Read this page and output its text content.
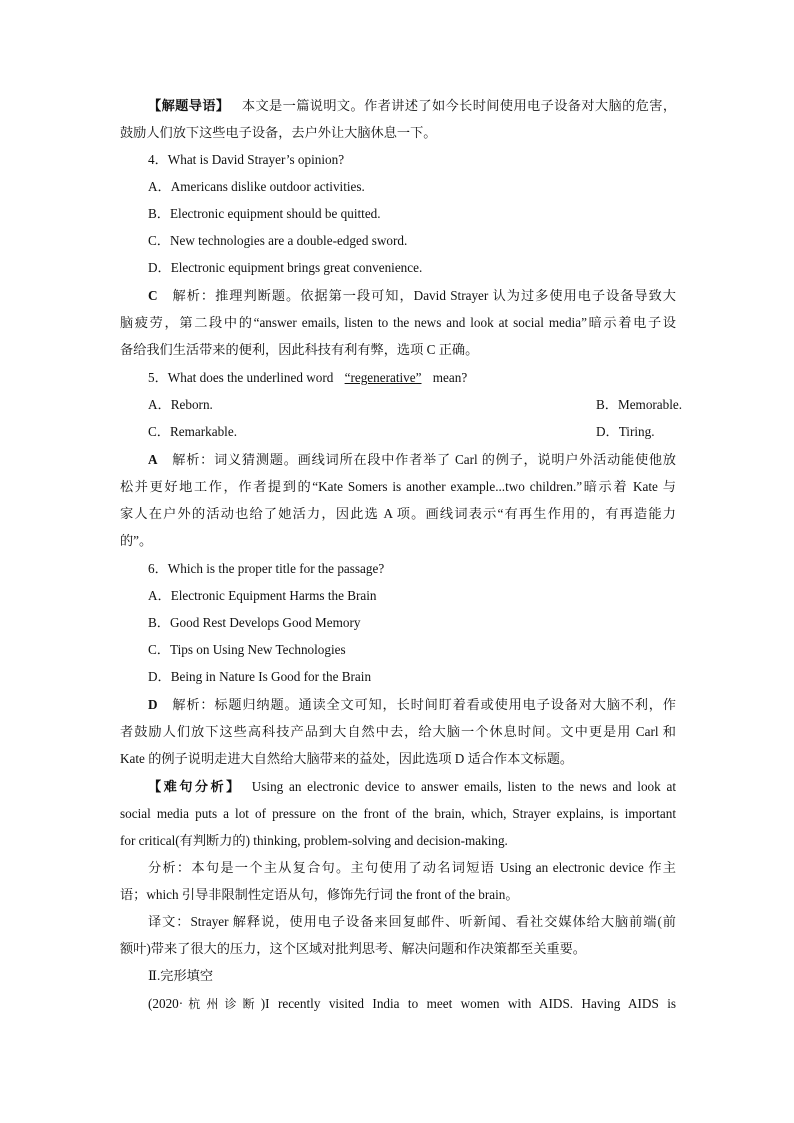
【解题导语】 本文是一篇说明文。作者讲述了如今长时间使用电子设备对大脑的危害，
鼓励人们放下这些电子设备，去户外让大脑休息一下。
4．What is David Strayer’s opinion?
A．Americans dislike outdoor activities.
B．Electronic equipment should be quitted.
C．New technologies are a double-edged sword.
D．Electronic equipment brings great convenience.
C 解析：推理判断题。依据第一段可知，David Strayer 认为过多使用电子设备导致大
脑疲劳，第二段中的“answer emails, listen to the news and look at social media”暗示着电子设
备给我们生活带来的便利，因此科技有利有弊，选项 C 正确。
5．What does the underlined word “regenerative” mean?
A．Reborn.	B．Memorable.
C．Remarkable.	D．Tiring.
A 解析：词义猜测题。画线词所在段中作者举了 Carl 的例子，说明户外活动能使他放
松并更好地工作，作者提到的“Kate Somers is another example...two children.”暗示着 Kate 与
家人在户外的活动也给了她活力，因此选 A 项。画线词表示“有再生作用的，有再造能力
的”。
6．Which is the proper title for the passage?
A．Electronic Equipment Harms the Brain
B．Good Rest Develops Good Memory
C．Tips on Using New Technologies
D．Being in Nature Is Good for the Brain
D 解析：标题归纳题。通读全文可知，长时间盯着看或使用电子设备对大脑不利，作
者鼓励人们放下这些高科技产品到大自然中去，给大脑一个休息时间。文中更是用 Carl 和
Kate 的例子说明走进大自然给大脑带来的益处，因此选项 D 适合作本文标题。
【难句分析】 Using an electronic device to answer emails, listen to the news and look at
social media puts a lot of pressure on the front of the brain, which, Strayer explains, is important
for critical(有判断力的) thinking, problem-solving and decision-making.
分析：本句是一个主从复合句。主句使用了动名词短语 Using an electronic device 作主
语；which 引导非限制性定语从句，修饰先行词 the front of the brain。
译文：Strayer 解释说，使用电子设备来回复邮件、听新闻、看社交媒体给大脑前端(前
额叶)带来了很大的压力，这个区域对批判思考、解决问题和作决策都至关重要。
Ⅱ.完形填空
(2020·杭州诊断)I recently visited India to meet women with AIDS. Having AIDS is
